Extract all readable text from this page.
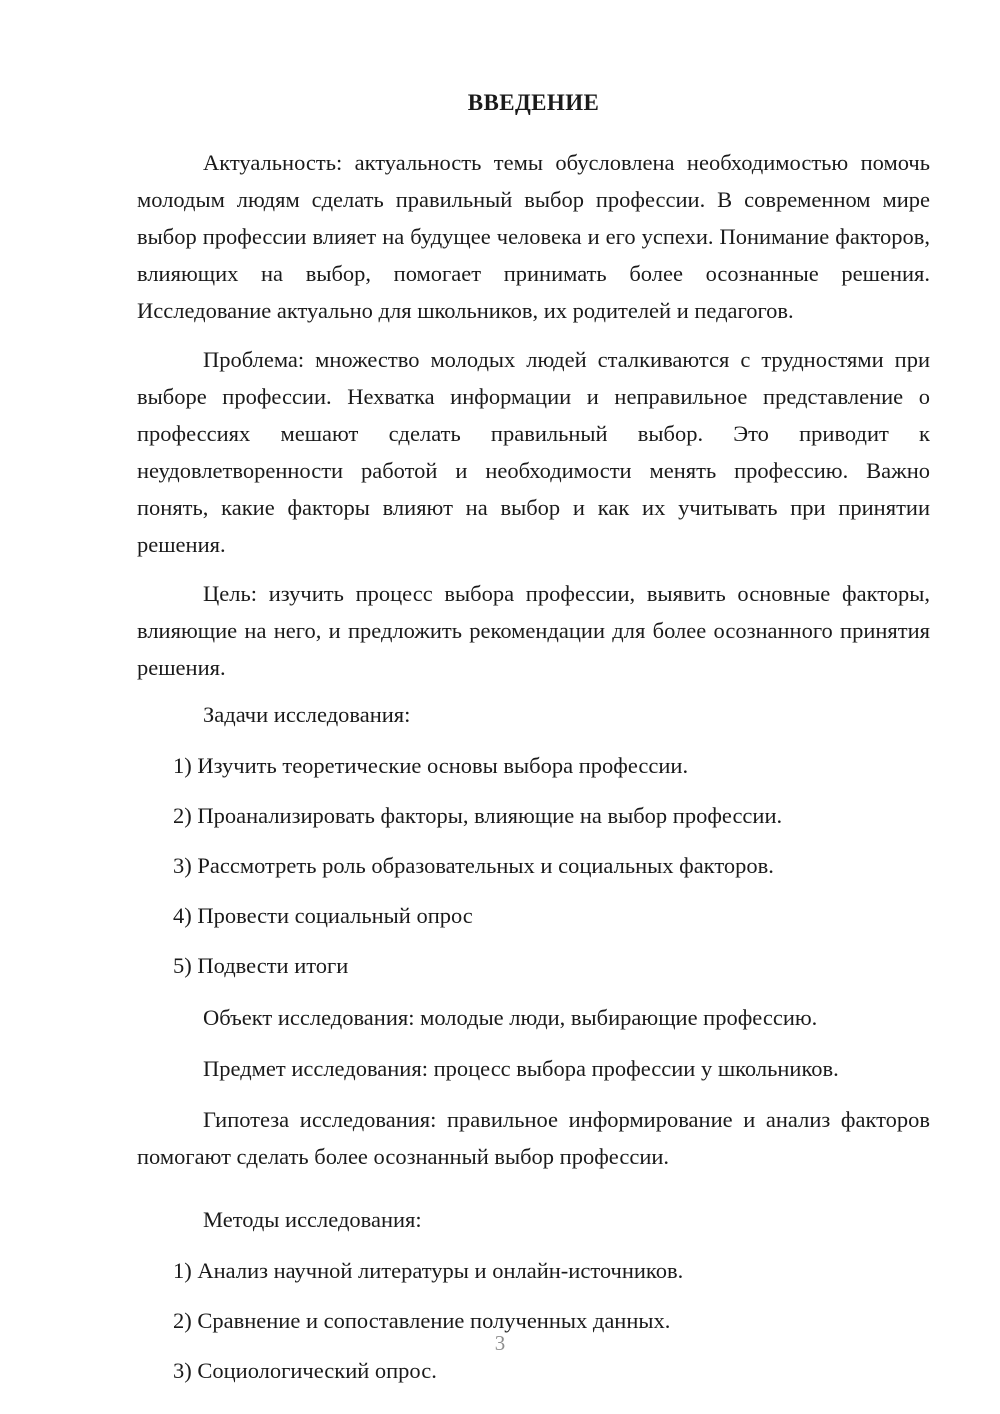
ВВЕДЕНИЕ

Актуальность: актуальность темы обусловлена необходимостью помочь молодым людям сделать правильный выбор профессии. В современном мире выбор профессии влияет на будущее человека и его успехи. Понимание факторов, влияющих на выбор, помогает принимать более осознанные решения. Исследование актуально для школьников, их родителей и педагогов.

Проблема: множество молодых людей сталкиваются с трудностями при выборе профессии. Нехватка информации и неправильное представление о профессиях мешают сделать правильный выбор. Это приводит к неудовлетворенности работой и необходимости менять профессию. Важно понять, какие факторы влияют на выбор и как их учитывать при принятии решения.

Цель: изучить процесс выбора профессии, выявить основные факторы, влияющие на него, и предложить рекомендации для более осознанного принятия решения.

Задачи исследования:

1) Изучить теоретические основы выбора профессии.
2) Проанализировать факторы, влияющие на выбор профессии.
3) Рассмотреть роль образовательных и социальных факторов.
4) Провести социальный опрос
5) Подвести итоги

Объект исследования: молодые люди, выбирающие профессию.

Предмет исследования: процесс выбора профессии у школьников.

Гипотеза исследования: правильное информирование и анализ факторов помогают сделать более осознанный выбор профессии.

Методы исследования:

1) Анализ научной литературы и онлайн-источников.
2) Сравнение и сопоставление полученных данных.
3) Социологический опрос.
3
